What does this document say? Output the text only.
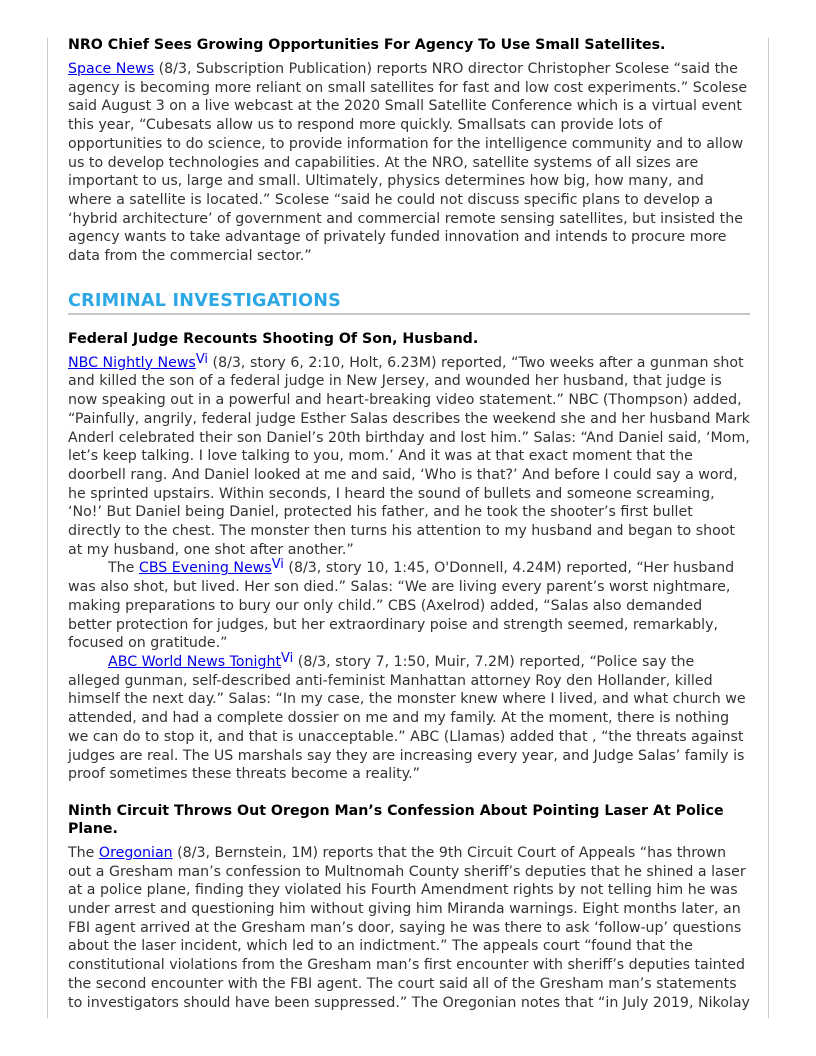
NRO Chief Sees Growing Opportunities For Agency To Use Small Satellites.

Space News (8/3, Subscription Publication) reports NRO director Christopher Scolese “said the agency is becoming more reliant on small satellites for fast and low cost experiments.” Scolese said August 3 on a live webcast at the 2020 Small Satellite Conference which is a virtual event this year, “Cubesats allow us to respond more quickly. Smallsats can provide lots of opportunities to do science, to provide information for the intelligence community and to allow us to develop technologies and capabilities. At the NRO, satellite systems of all sizes are important to us, large and small. Ultimately, physics determines how big, how many, and where a satellite is located.” Scolese “said he could not discuss specific plans to develop a ‘hybrid architecture’ of government and commercial remote sensing satellites, but insisted the agency wants to take advantage of privately funded innovation and intends to procure more data from the commercial sector.”

CRIMINAL INVESTIGATIONS
Federal Judge Recounts Shooting Of Son, Husband.

NBC Nightly News$^{Vi}$ (8/3, story 6, 2:10, Holt, 6.23M) reported, “Two weeks after a gunman shot and killed the son of a federal judge in New Jersey, and wounded her husband, that judge is now speaking out in a powerful and heart-breaking video statement.” NBC (Thompson) added, “Painfully, angrily, federal judge Esther Salas describes the weekend she and her husband Mark Anderl celebrated their son Daniel’s 20th birthday and lost him.” Salas: “And Daniel said, ‘Mom, let’s keep talking. I love talking to you, mom.’ And it was at that exact moment that the doorbell rang. And Daniel looked at me and said, ‘Who is that?’ And before I could say a word, he sprinted upstairs. Within seconds, I heard the sound of bullets and someone screaming, ‘No!’ But Daniel being Daniel, protected his father, and he took the shooter’s first bullet directly to the chest. The monster then turns his attention to my husband and began to shoot at my husband, one shot after another.”

The CBS Evening News$^{Vi}$ (8/3, story 10, 1:45, O'Donnell, 4.24M) reported, “Her husband was also shot, but lived. Her son died.” Salas: “We are living every parent’s worst nightmare, making preparations to bury our only child.” CBS (Axelrod) added, “Salas also demanded better protection for judges, but her extraordinary poise and strength seemed, remarkably, focused on gratitude.”

ABC World News Tonight$^{Vi}$ (8/3, story 7, 1:50, Muir, 7.2M) reported, “Police say the alleged gunman, self-described anti-feminist Manhattan attorney Roy den Hollander, killed himself the next day.” Salas: “In my case, the monster knew where I lived, and what church we attended, and had a complete dossier on me and my family. At the moment, there is nothing we can do to stop it, and that is unacceptable.” ABC (Llamas) added that , “the threats against judges are real. The US marshals say they are increasing every year, and Judge Salas’ family is proof sometimes these threats become a reality.”

Ninth Circuit Throws Out Oregon Man’s Confession About Pointing Laser At Police Plane.

The Oregonian (8/3, Bernstein, 1M) reports that the 9th Circuit Court of Appeals “has thrown out a Gresham man’s confession to Multnomah County sheriff’s deputies that he shined a laser at a police plane, finding they violated his Fourth Amendment rights by not telling him he was under arrest and questioning him without giving him Miranda warnings. Eight months later, an FBI agent arrived at the Gresham man’s door, saying he was there to ask ‘follow-up’ questions about the laser incident, which led to an indictment.” The appeals court “found that the constitutional violations from the Gresham man’s first encounter with sheriff’s deputies tainted the second encounter with the FBI agent. The court said all of the Gresham man’s statements to investigators should have been suppressed.” The Oregonian notes that “in July 2019, Nikolay
